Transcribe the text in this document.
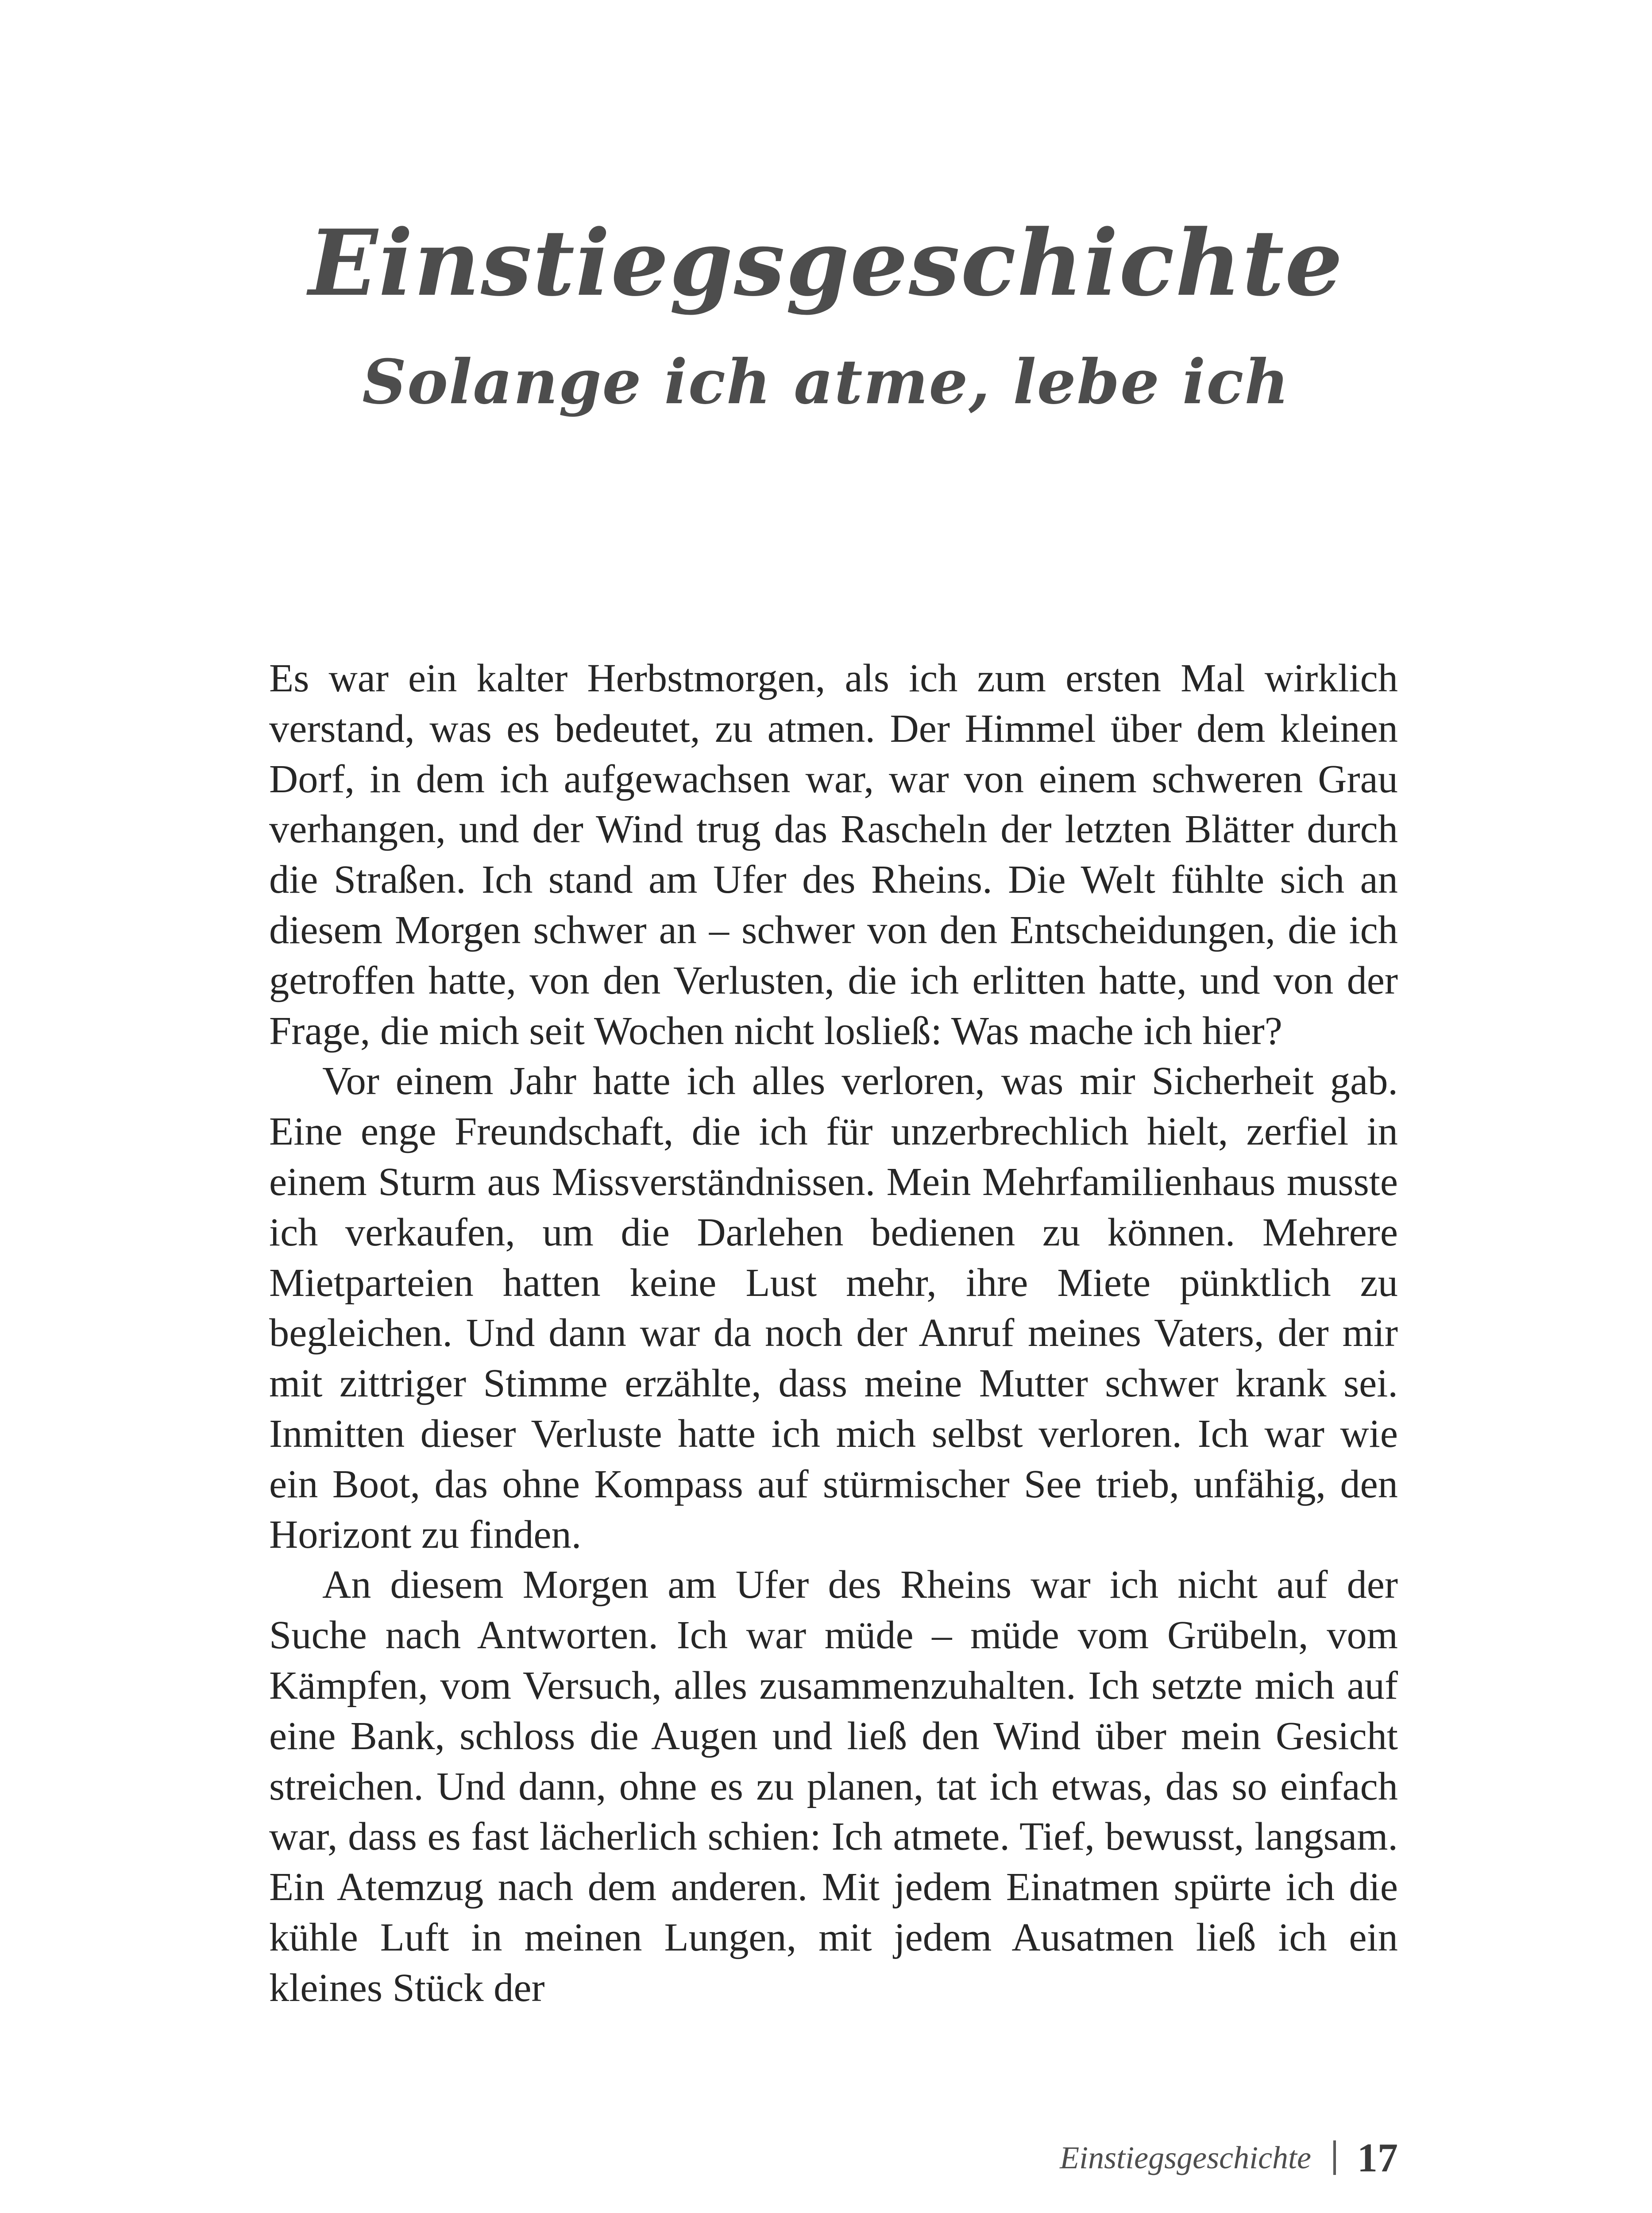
Einstiegsgeschichte
Solange ich atme, lebe ich

Es war ein kalter Herbstmorgen, als ich zum ersten Mal wirklich verstand, was es bedeutet, zu atmen. Der Himmel über dem kleinen Dorf, in dem ich aufgewachsen war, war von einem schweren Grau verhangen, und der Wind trug das Rascheln der letzten Blätter durch die Straßen. Ich stand am Ufer des Rheins. Die Welt fühlte sich an diesem Morgen schwer an – schwer von den Entscheidungen, die ich getroffen hatte, von den Verlusten, die ich erlitten hatte, und von der Frage, die mich seit Wochen nicht losließ: Was mache ich hier?

Vor einem Jahr hatte ich alles verloren, was mir Sicherheit gab. Eine enge Freundschaft, die ich für unzerbrechlich hielt, zerfiel in einem Sturm aus Missverständnissen. Mein Mehrfamilienhaus musste ich verkaufen, um die Darlehen bedienen zu können. Mehrere Mietparteien hatten keine Lust mehr, ihre Miete pünktlich zu begleichen. Und dann war da noch der Anruf meines Vaters, der mir mit zittriger Stimme erzählte, dass meine Mutter schwer krank sei. Inmitten dieser Verluste hatte ich mich selbst verloren. Ich war wie ein Boot, das ohne Kompass auf stürmischer See trieb, unfähig, den Horizont zu finden.

An diesem Morgen am Ufer des Rheins war ich nicht auf der Suche nach Antworten. Ich war müde – müde vom Grübeln, vom Kämpfen, vom Versuch, alles zusammenzuhalten. Ich setzte mich auf eine Bank, schloss die Augen und ließ den Wind über mein Gesicht streichen. Und dann, ohne es zu planen, tat ich etwas, das so einfach war, dass es fast lächerlich schien: Ich atmete. Tief, bewusst, langsam. Ein Atemzug nach dem anderen. Mit jedem Einatmen spürte ich die kühle Luft in meinen Lungen, mit jedem Ausatmen ließ ich ein kleines Stück der

Einstiegsgeschichte 17
